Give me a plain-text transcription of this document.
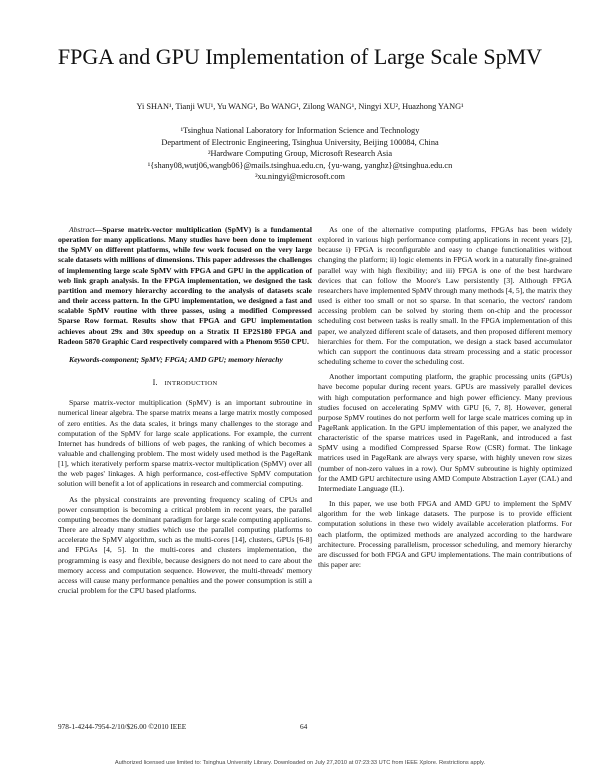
FPGA and GPU Implementation of Large Scale SpMV
Yi SHAN¹, Tianji WU¹, Yu WANG¹, Bo WANG¹, Zilong WANG¹, Ningyi XU², Huazhong YANG¹
¹Tsinghua National Laboratory for Information Science and Technology
Department of Electronic Engineering, Tsinghua University, Beijing 100084, China
²Hardware Computing Group, Microsoft Research Asia
¹{shany08,wutj06,wangb06}@mails.tsinghua.edu.cn, {yu-wang, yanghz}@tsinghua.edu.cn
²xu.ningyi@microsoft.com

Abstract—Sparse matrix-vector multiplication (SpMV) is a fundamental operation for many applications. Many studies have been done to implement the SpMV on different platforms, while few work focused on the very large scale datasets with millions of dimensions. This paper addresses the challenges of implementing large scale SpMV with FPGA and GPU in the application of web link graph analysis. In the FPGA implementation, we designed the task partition and memory hierarchy according to the analysis of datasets scale and their access pattern. In the GPU implementation, we designed a fast and scalable SpMV routine with three passes, using a modified Compressed Sparse Row format. Results show that FPGA and GPU implementation achieves about 29x and 30x speedup on a Stratix II EP2S180 FPGA and Radeon 5870 Graphic Card respectively compared with a Phenom 9550 CPU.

Keywords-component; SpMV; FPGA; AMD GPU; memory hierachy

I. INTRODUCTION

Sparse matrix-vector multiplication (SpMV) is an important subroutine in numerical linear algebra. The sparse matrix means a large matrix mostly composed of zero entities. As the data scales, it brings many challenges to the storage and computation of the SpMV for large scale applications. For example, the current Internet has hundreds of billions of web pages, the ranking of which becomes a valuable and challenging problem. The most widely used method is the PageRank [1], which iteratively perform sparse matrix-vector multiplication (SpMV) over all the web pages' linkages. A high performance, cost-effective SpMV computation solution will benefit a lot of applications in research and commercial computing.

As the physical constraints are preventing frequency scaling of CPUs and power consumption is becoming a critical problem in recent years, the parallel computing becomes the dominant paradigm for large scale computing applications. There are already many studies which use the parallel computing platforms to accelerate the SpMV algorithm, such as the multi-cores [14], clusters, GPUs [6-8] and FPGAs [4, 5]. In the multi-cores and clusters implementation, the programming is easy and flexible, because designers do not need to care about the memory access and computation sequence. However, the multi-threads' memory access will cause many performance penalties and the power consumption is still a crucial problem for the CPU based platforms.

As one of the alternative computing platforms, FPGAs has been widely explored in various high performance computing applications in recent years [2], because i) FPGA is reconfigurable and easy to change functionalities without changing the platform; ii) logic elements in FPGA work in a naturally fine-grained parallel way with high flexibility; and iii) FPGA is one of the best hardware devices that can follow the Moore's Law persistently [3]. Although FPGA researchers have implemented SpMV through many methods [4, 5], the matrix they used is either too small or not so sparse. In that scenario, the vectors' random accessing problem can be solved by storing them on-chip and the processor scheduling cost between tasks is really small. In the FPGA implementation of this paper, we analyzed different scale of datasets, and then proposed different memory hierarchies for them. For the computation, we design a stack based accumulator which can support the continuous data stream processing and a static processor scheduling scheme to cover the scheduling cost.

Another important computing platform, the graphic processing units (GPUs) have become popular during recent years. GPUs are massively parallel devices with high computation performance and high power efficiency. Many previous studies focused on accelerating SpMV with GPU [6, 7, 8]. However, general purpose SpMV routines do not perform well for large scale matrices coming up in PageRank application. In the GPU implementation of this paper, we analyzed the characteristic of the sparse matrices used in PageRank, and introduced a fast SpMV using a modified Compressed Sparse Row (CSR) format. The linkage matrices used in PageRank are always very sparse, with highly uneven row sizes (number of non-zero values in a row). Our SpMV subroutine is highly optimized for the AMD GPU architecture using AMD Compute Abstraction Layer (CAL) and Intermediate Language (IL).

In this paper, we use both FPGA and AMD GPU to implement the SpMV algorithm for the web linkage datasets. The purpose is to provide efficient computation solutions in these two widely available acceleration platforms. For each platform, the optimized methods are analyzed according to the hardware architecture. Processing parallelism, processor scheduling, and memory hierarchy are discussed for both FPGA and GPU implementations. The main contributions of this paper are:

978-1-4244-7954-2/10/$26.00 ©2010 IEEE	64
Authorized licensed use limited to: Tsinghua University Library. Downloaded on July 27,2010 at 07:23:33 UTC from IEEE Xplore. Restrictions apply.
